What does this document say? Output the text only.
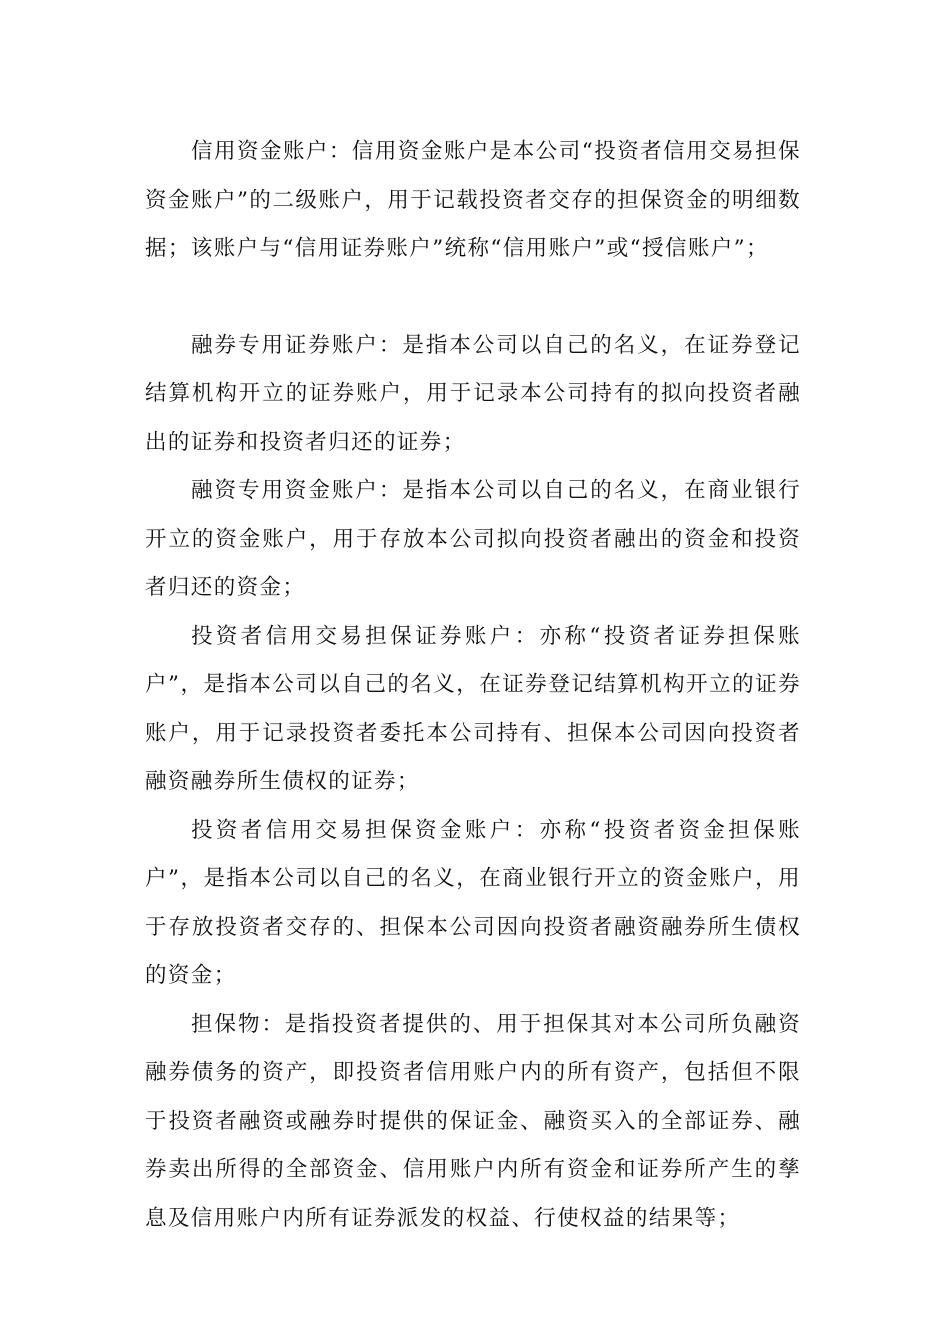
信用资金账户：信用资金账户是本公司“投资者信用交易担保资金账户”的二级账户，用于记载投资者交存的担保资金的明细数据；该账户与“信用证券账户”统称“信用账户”或“授信账户”；

融券专用证券账户：是指本公司以自己的名义，在证券登记结算机构开立的证券账户，用于记录本公司持有的拟向投资者融出的证券和投资者归还的证券；

融资专用资金账户：是指本公司以自己的名义，在商业银行开立的资金账户，用于存放本公司拟向投资者融出的资金和投资者归还的资金；

投资者信用交易担保证券账户：亦称“投资者证券担保账户”，是指本公司以自己的名义，在证券登记结算机构开立的证券账户，用于记录投资者委托本公司持有、担保本公司因向投资者融资融券所生债权的证券；

投资者信用交易担保资金账户：亦称“投资者资金担保账户”，是指本公司以自己的名义，在商业银行开立的资金账户，用于存放投资者交存的、担保本公司因向投资者融资融券所生债权的资金；

担保物：是指投资者提供的、用于担保其对本公司所负融资融券债务的资产，即投资者信用账户内的所有资产，包括但不限于投资者融资或融券时提供的保证金、融资买入的全部证券、融券卖出所得的全部资金、信用账户内所有资金和证券所产生的孳息及信用账户内所有证券派发的权益、行使权益的结果等；
